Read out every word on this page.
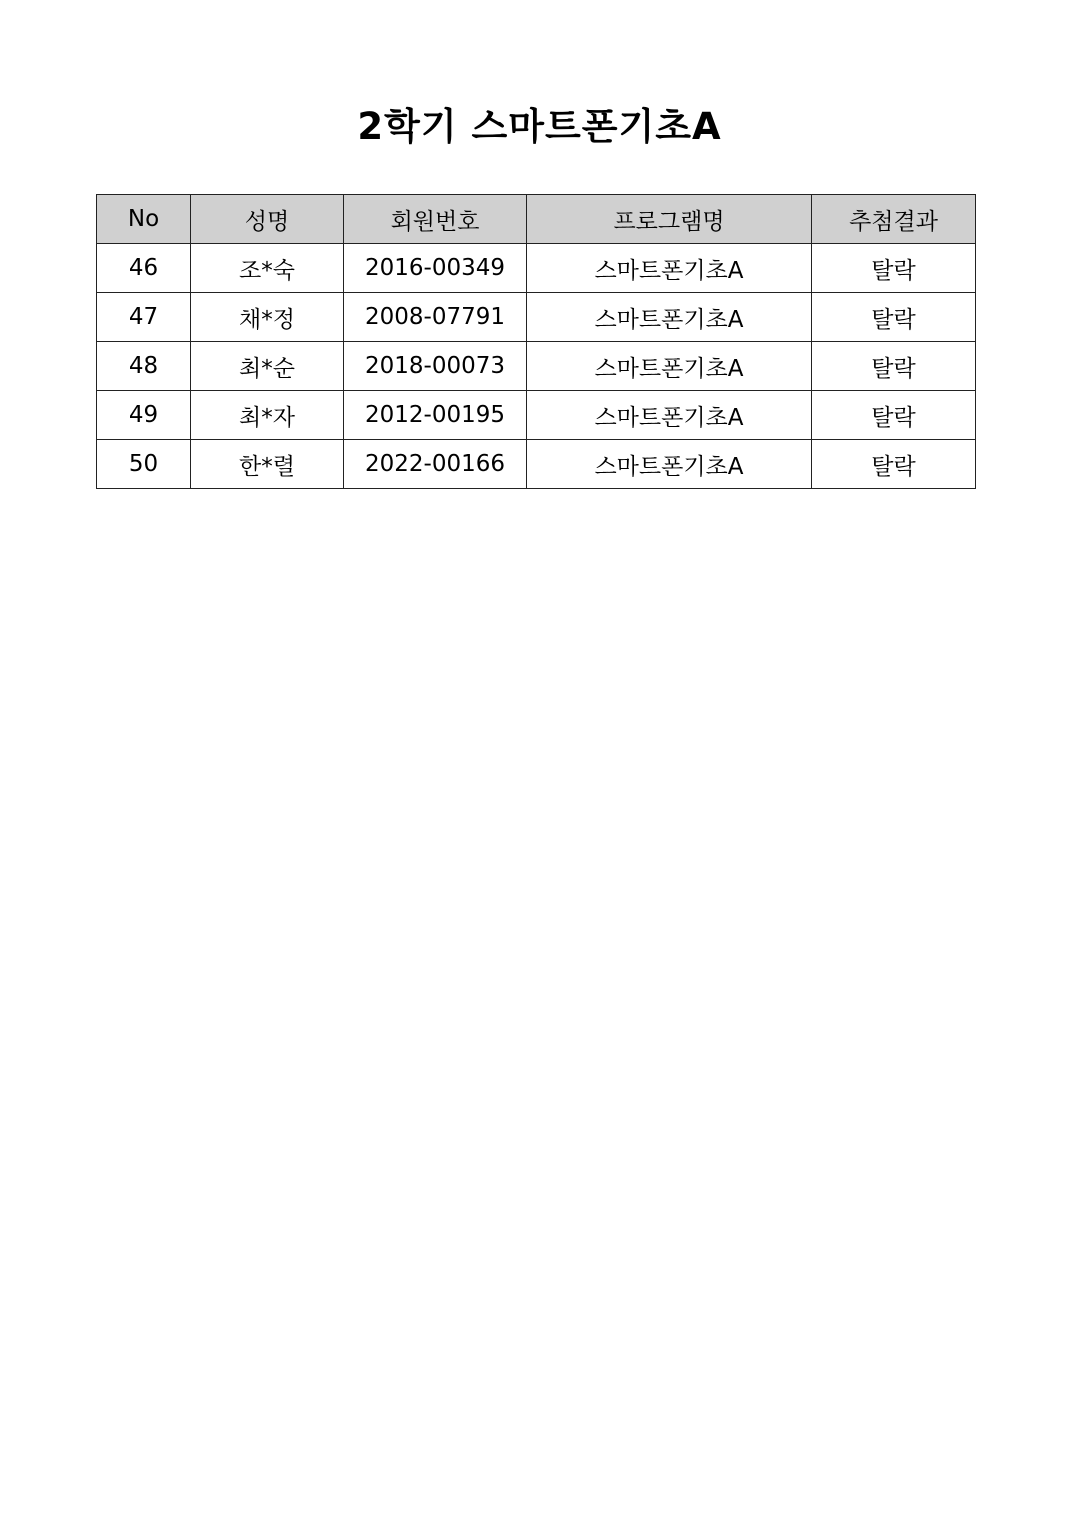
2학기 스마트폰기초A
No	성명	회원번호	프로그램명	추첨결과
46	조*숙	2016-00349	스마트폰기초A	탈락
47	채*정	2008-07791	스마트폰기초A	탈락
48	최*순	2018-00073	스마트폰기초A	탈락
49	최*자	2012-00195	스마트폰기초A	탈락
50	한*렬	2022-00166	스마트폰기초A	탈락
